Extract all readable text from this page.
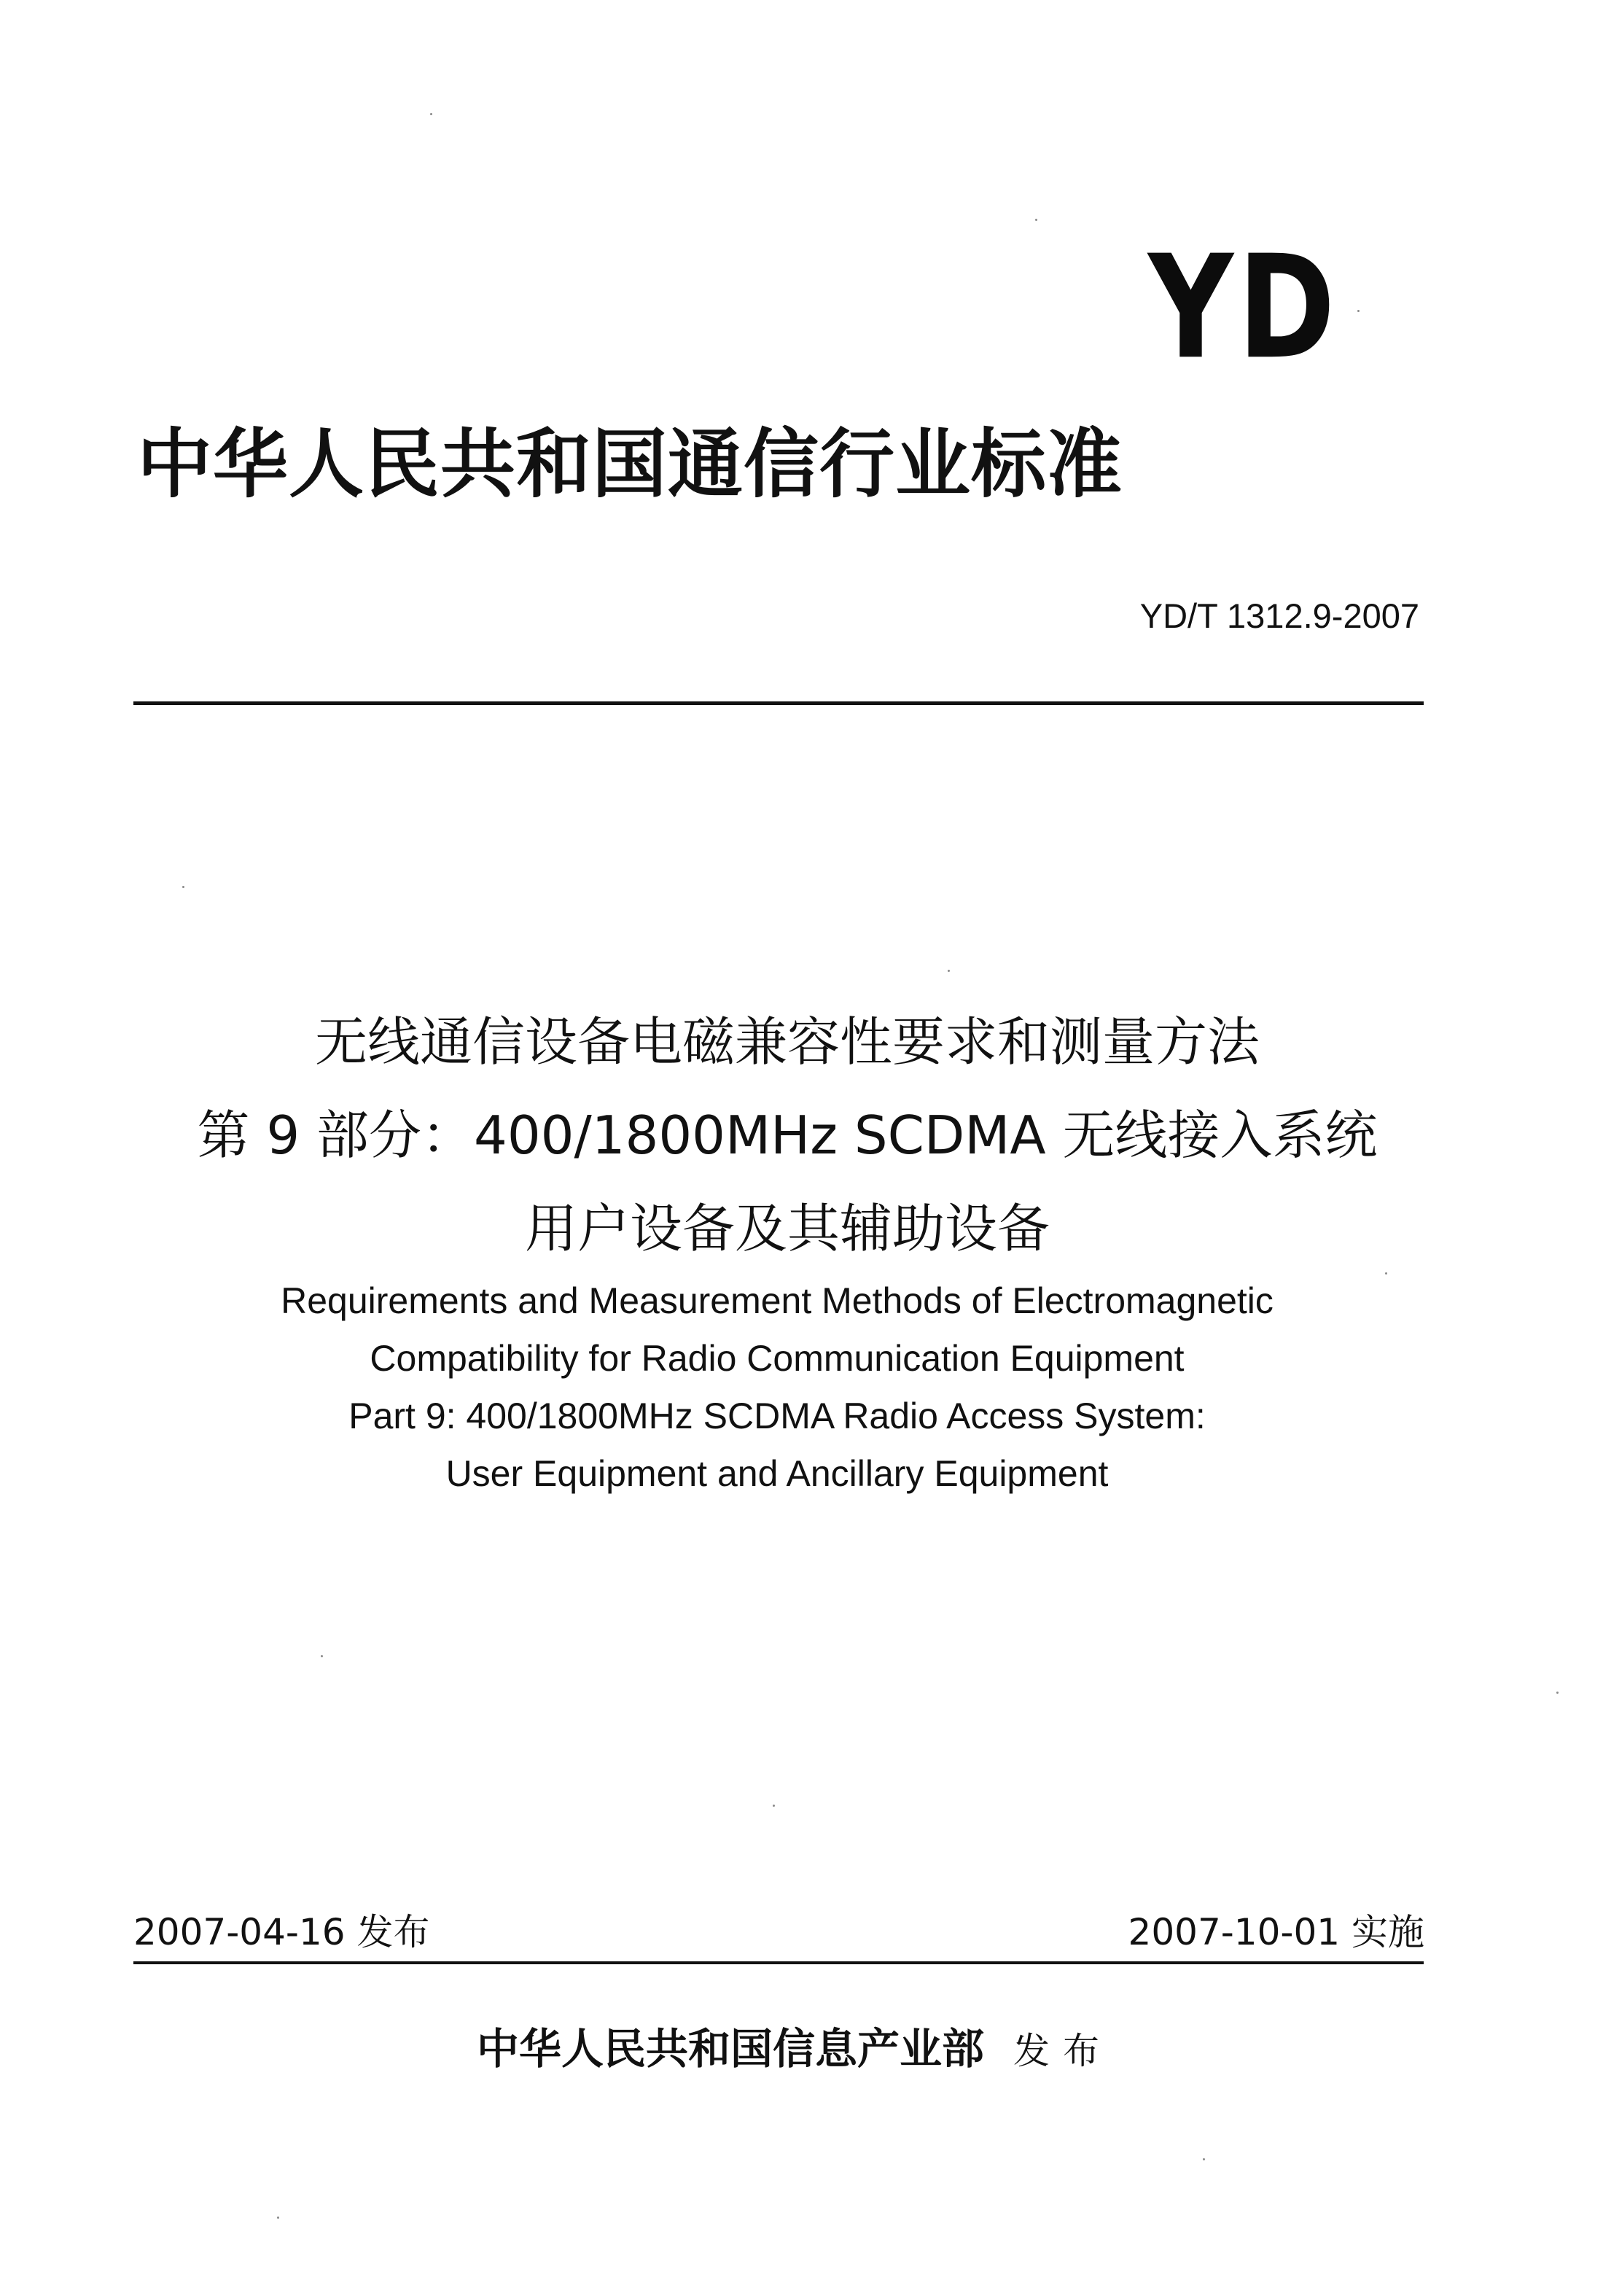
YD
中华人民共和国通信行业标准
YD/T 1312.9-2007
无线通信设备电磁兼容性要求和测量方法
第 9 部分：400/1800MHz SCDMA 无线接入系统
用户设备及其辅助设备
Requirements and Measurement Methods of Electromagnetic
Compatibility for Radio Communication Equipment
Part 9: 400/1800MHz SCDMA Radio Access System:
User Equipment and Ancillary Equipment
2007-04-16 发布	2007-10-01 实施
中华人民共和国信息产业部 发布
